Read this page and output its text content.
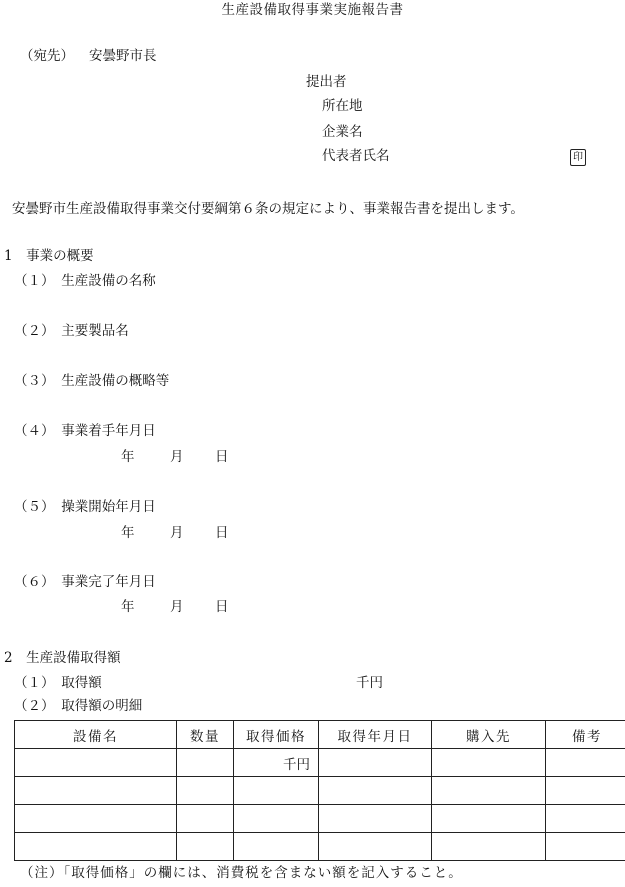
生産設備取得事業実施報告書
（宛先） 安曇野市長
提出者
所在地
企業名
代表者氏名	印
安曇野市生産設備取得事業交付要綱第６条の規定により、事業報告書を提出します。
1　事業の概要
（１）　生産設備の名称
（２）　主要製品名
（３）　生産設備の概略等
（４）　事業着手年月日
年	月 日
（５）　操業開始年月日
年	月 日
（６）　事業完了年月日
年	月 日
2　生産設備取得額
（１）　取得額	千円
（２）　取得額の明細
設備名	数量	取得価格	取得年月日	購入先	備考
		千円			

（注）「取得価格」の欄には、消費税を含まない額を記入すること。
